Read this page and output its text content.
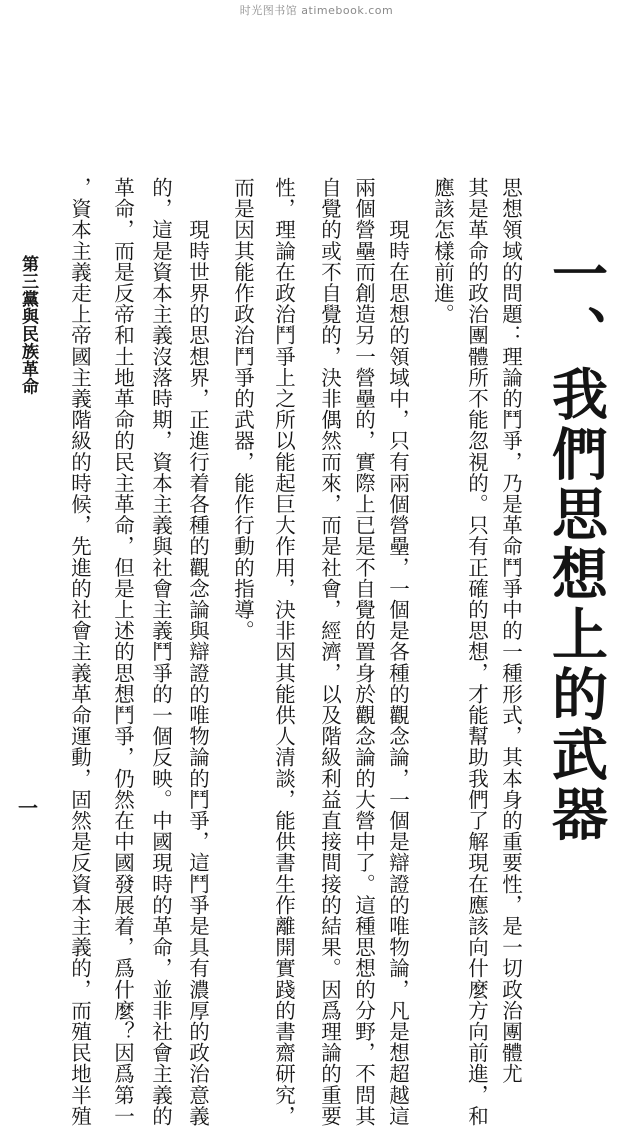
时光图书馆 atimebook.com
一、我們思想上的武器
思想領域的問題：理論的鬥爭，乃是革命鬥爭中的一種形式，其本身的重要性，是一切政治團體尤
其是革命的政治團體所不能忽視的。只有正確的思想，才能幫助我們了解現在應該向什麼方向前進，和
應該怎樣前進。
　　現時在思想的領域中，只有兩個營壘，一個是各種的觀念論，一個是辯證的唯物論，凡是想超越這
兩個營壘而創造另一營壘的，實際上已是不自覺的置身於觀念論的大營中了。這種思想的分野，不問其
自覺的或不自覺的，決非偶然而來，而是社會，經濟，以及階級利益直接間接的結果。因爲理論的重要
性，理論在政治鬥爭上之所以能起巨大作用，決非因其能供人清談，能供書生作離開實踐的書齋研究，
而是因其能作政治鬥爭的武器，能作行動的指導。
　　現時世界的思想界，正進行着各種的觀念論與辯證的唯物論的鬥爭，這鬥爭是具有濃厚的政治意義
的，這是資本主義沒落時期，資本主義與社會主義鬥爭的一個反映。中國現時的革命，並非社會主義的
革命，而是反帝和土地革命的民主革命，但是上述的思想鬥爭，仍然在中國發展着，爲什麼？因爲第一
，資本主義走上帝國主義階級的時候，先進的社會主義革命運動，固然是反資本主義的，而殖民地半殖
第三黨與民族革命
一
